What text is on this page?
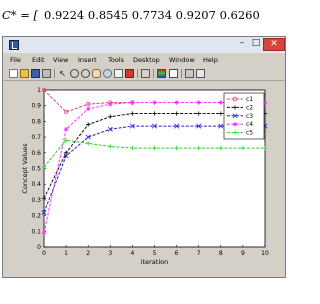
C* = [ 0.9224 0.8545 0.7734 0.9207 0.6260
– □	✕
File Edit View Insert Tools Desktop Window Help
↖
0	1	2	3	4	5	6	7	8	9	10
0
0.1
0.2
0.3
0.4
0.5
0.6
0.7
0.8
0.9
1
iteration
Concept Values
c1
c2
c3
c4
c5
